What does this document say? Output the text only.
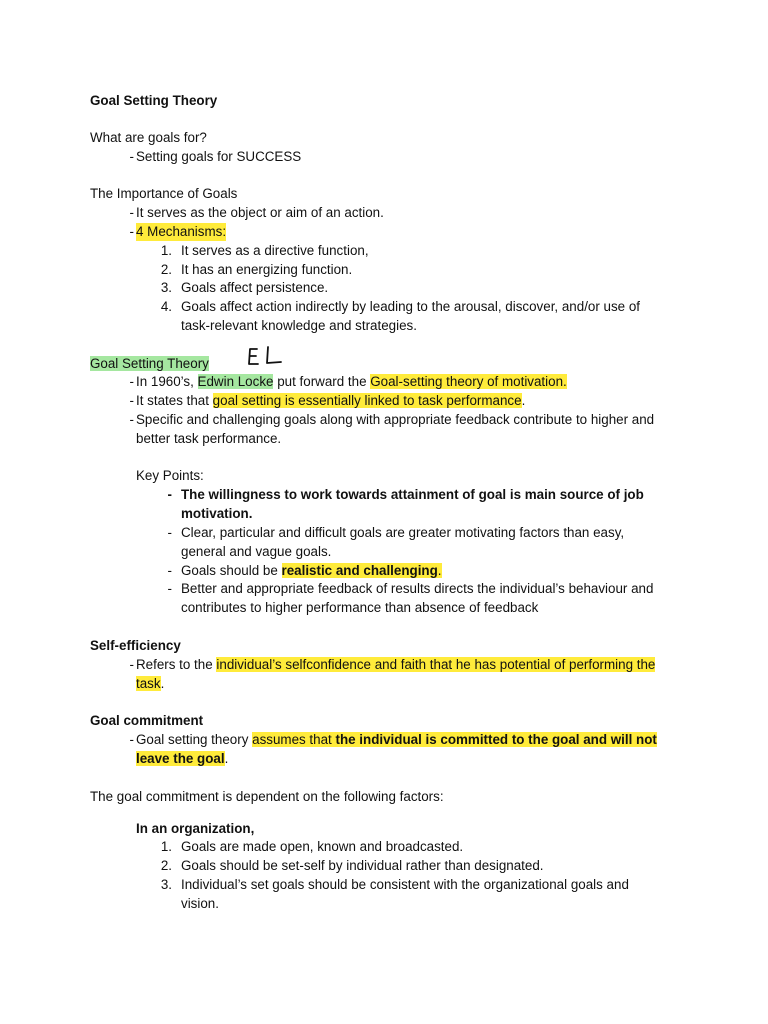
Goal Setting Theory
What are goals for?
- Setting goals for SUCCESS
The Importance of Goals
- It serves as the object or aim of an action.
- 4 Mechanisms:
1. It serves as a directive function,
2. It has an energizing function.
3. Goals affect persistence.
4. Goals affect action indirectly by leading to the arousal, discover, and/or use of
task-relevant knowledge and strategies.
Goal Setting Theory
- In 1960’s, Edwin Locke put forward the Goal-setting theory of motivation.
- It states that goal setting is essentially linked to task performance.
- Specific and challenging goals along with appropriate feedback contribute to higher and
better task performance.
Key Points:
- The willingness to work towards attainment of goal is main source of job
motivation.
- Clear, particular and difficult goals are greater motivating factors than easy,
general and vague goals.
- Goals should be realistic and challenging.
- Better and appropriate feedback of results directs the individual’s behaviour and
contributes to higher performance than absence of feedback
Self-efficiency
- Refers to the individual’s selfconfidence and faith that he has potential of performing the
task.
Goal commitment
- Goal setting theory assumes that the individual is committed to the goal and will not
leave the goal.
The goal commitment is dependent on the following factors:
In an organization,
1. Goals are made open, known and broadcasted.
2. Goals should be set-self by individual rather than designated.
3. Individual’s set goals should be consistent with the organizational goals and
vision.
